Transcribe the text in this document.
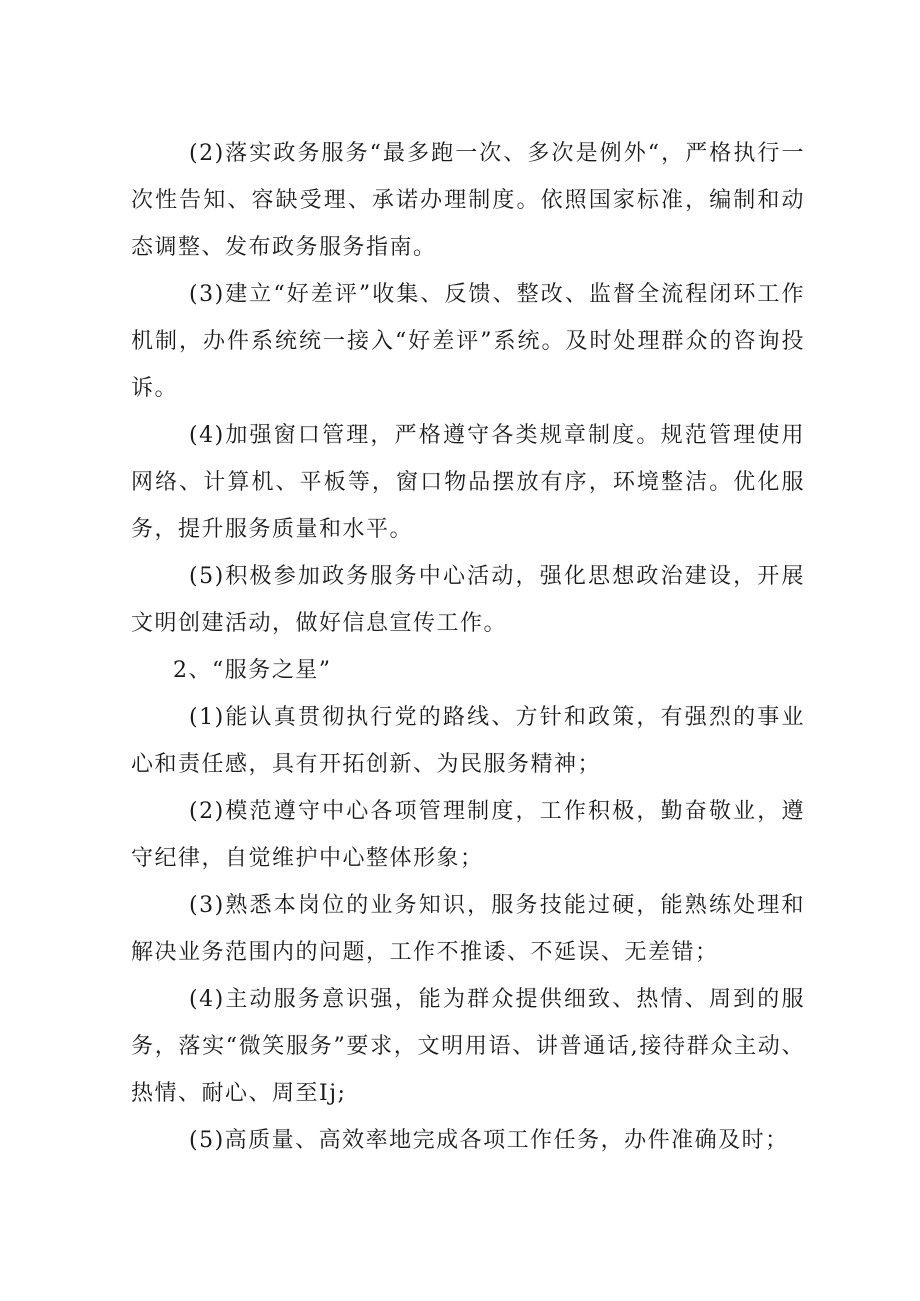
(2)落实政务服务“最多跑一次、多次是例外“，严格执行一次性告知、容缺受理、承诺办理制度。依照国家标准，编制和动态调整、发布政务服务指南。

(3)建立“好差评”收集、反馈、整改、监督全流程闭环工作机制，办件系统统一接入“好差评”系统。及时处理群众的咨询投诉。

(4)加强窗口管理，严格遵守各类规章制度。规范管理使用网络、计算机、平板等，窗口物品摆放有序，环境整洁。优化服务，提升服务质量和水平。

(5)积极参加政务服务中心活动，强化思想政治建设，开展文明创建活动，做好信息宣传工作。

2、“服务之星”

(1)能认真贯彻执行党的路线、方针和政策，有强烈的事业心和责任感，具有开拓创新、为民服务精神；

(2)模范遵守中心各项管理制度，工作积极，勤奋敬业，遵守纪律，自觉维护中心整体形象；

(3)熟悉本岗位的业务知识，服务技能过硬，能熟练处理和解决业务范围内的问题，工作不推诿、不延误、无差错；

(4)主动服务意识强，能为群众提供细致、热情、周到的服务，落实“微笑服务”要求，文明用语、讲普通话,接待群众主动、热情、耐心、周至Ij;

(5)高质量、高效率地完成各项工作任务，办件准确及时；
